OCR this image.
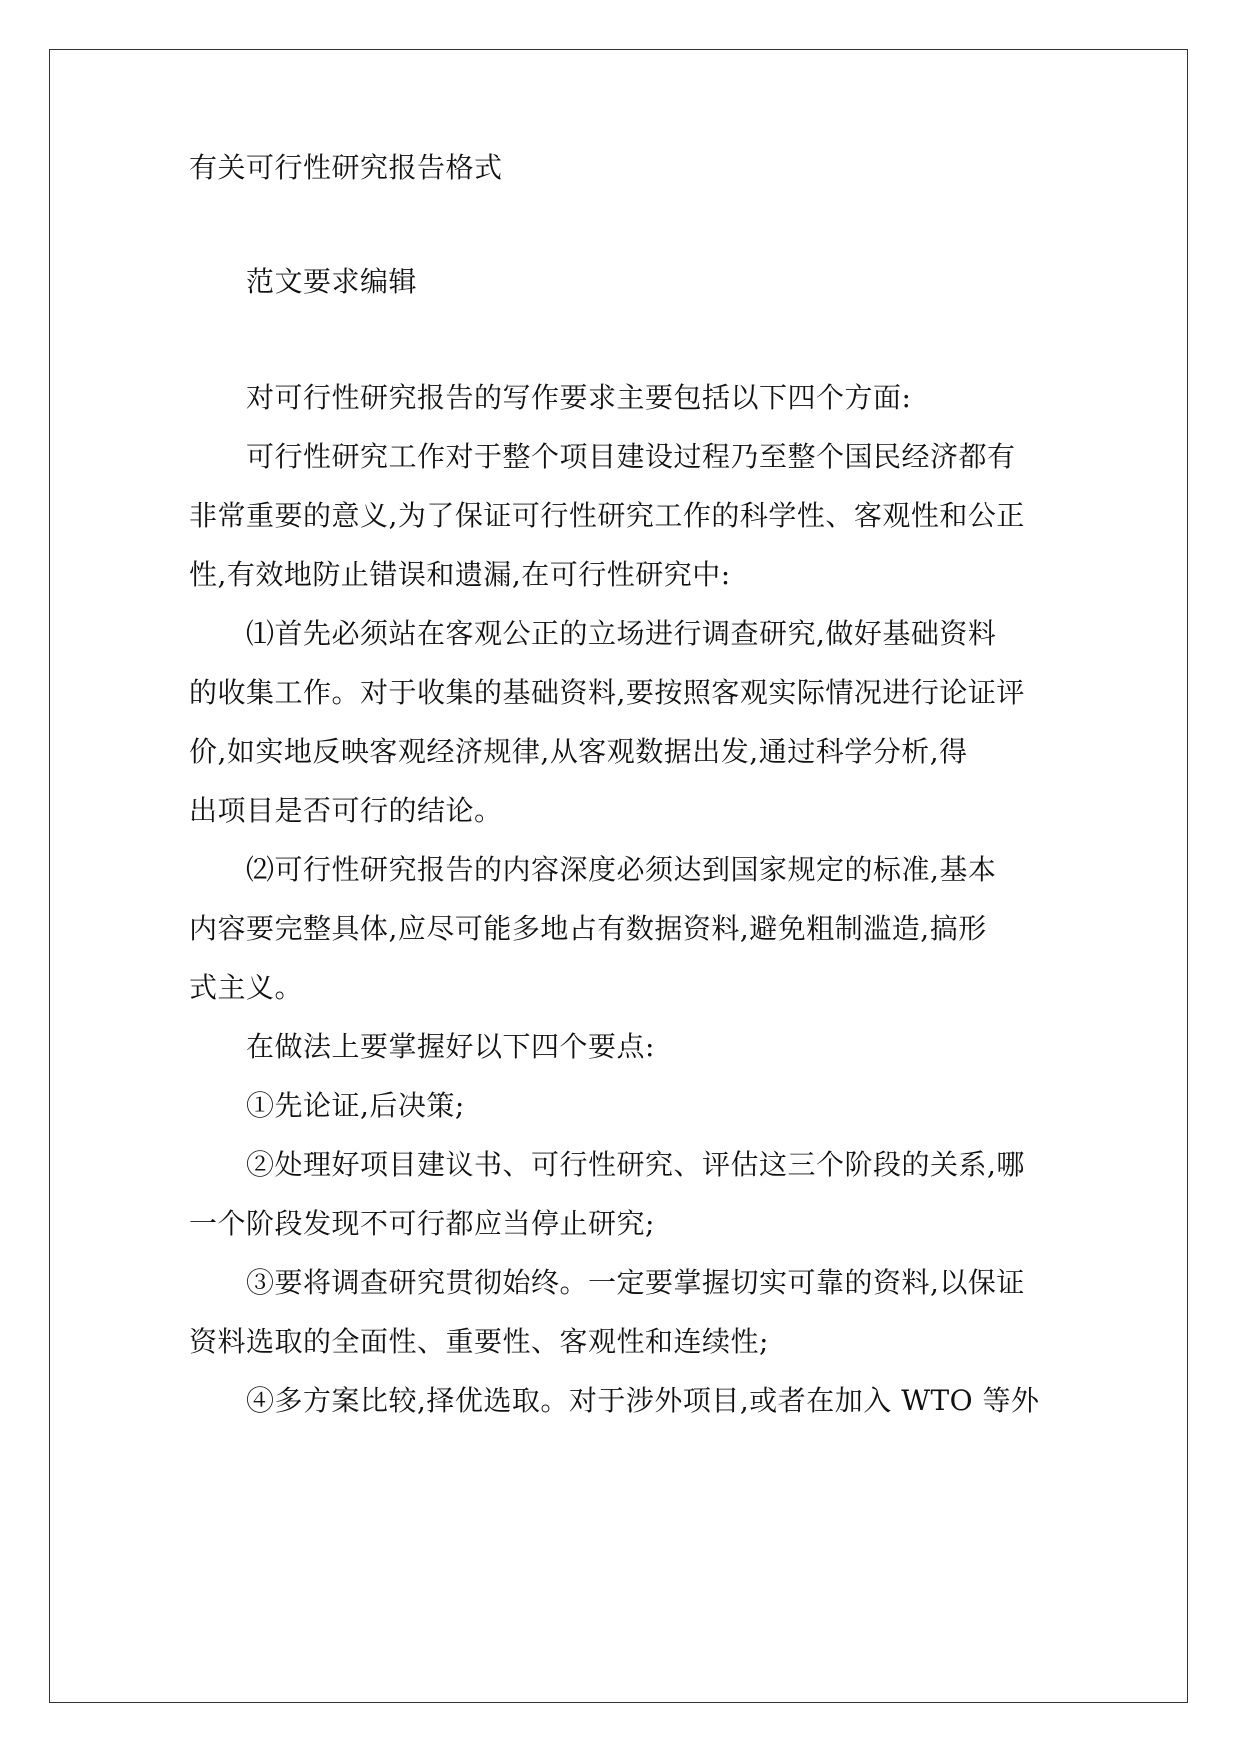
有关可行性研究报告格式
范文要求编辑
对可行性研究报告的写作要求主要包括以下四个方面:
可行性研究工作对于整个项目建设过程乃至整个国民经济都有
非常重要的意义,为了保证可行性研究工作的科学性、客观性和公正
性,有效地防止错误和遗漏,在可行性研究中:
⑴首先必须站在客观公正的立场进行调查研究,做好基础资料
的收集工作。对于收集的基础资料,要按照客观实际情况进行论证评
价,如实地反映客观经济规律,从客观数据出发,通过科学分析,得
出项目是否可行的结论。
⑵可行性研究报告的内容深度必须达到国家规定的标准,基本
内容要完整具体,应尽可能多地占有数据资料,避免粗制滥造,搞形
式主义。
在做法上要掌握好以下四个要点:
①先论证,后决策;
②处理好项目建议书、可行性研究、评估这三个阶段的关系,哪
一个阶段发现不可行都应当停止研究;
③要将调查研究贯彻始终。一定要掌握切实可靠的资料,以保证
资料选取的全面性、重要性、客观性和连续性;
④多方案比较,择优选取。对于涉外项目,或者在加入 WTO 等外
